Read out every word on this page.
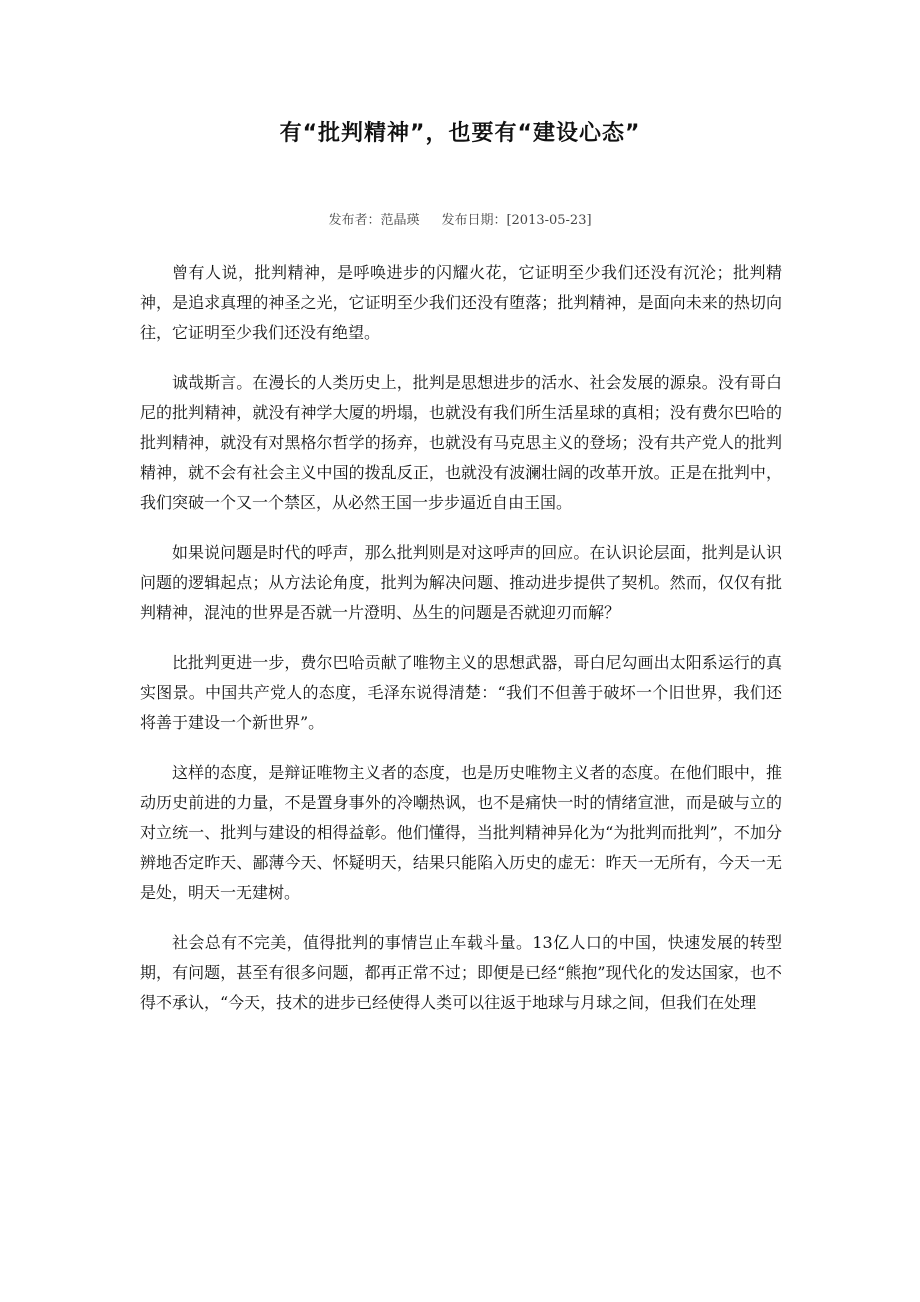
有“批判精神”，也要有“建设心态”
发布者：范晶瑛 发布日期：[2013-05-23]

曾有人说，批判精神，是呼唤进步的闪耀火花，它证明至少我们还没有沉沦；批判精神，是追求真理的神圣之光，它证明至少我们还没有堕落；批判精神，是面向未来的热切向往，它证明至少我们还没有绝望。

诚哉斯言。在漫长的人类历史上，批判是思想进步的活水、社会发展的源泉。没有哥白尼的批判精神，就没有神学大厦的坍塌，也就没有我们所生活星球的真相；没有费尔巴哈的批判精神，就没有对黑格尔哲学的扬弃，也就没有马克思主义的登场；没有共产党人的批判精神，就不会有社会主义中国的拨乱反正，也就没有波澜壮阔的改革开放。正是在批判中，我们突破一个又一个禁区，从必然王国一步步逼近自由王国。

如果说问题是时代的呼声，那么批判则是对这呼声的回应。在认识论层面，批判是认识问题的逻辑起点；从方法论角度，批判为解决问题、推动进步提供了契机。然而，仅仅有批判精神，混沌的世界是否就一片澄明、丛生的问题是否就迎刃而解？

比批判更进一步，费尔巴哈贡献了唯物主义的思想武器，哥白尼勾画出太阳系运行的真实图景。中国共产党人的态度，毛泽东说得清楚：“我们不但善于破坏一个旧世界，我们还将善于建设一个新世界”。

这样的态度，是辩证唯物主义者的态度，也是历史唯物主义者的态度。在他们眼中，推动历史前进的力量，不是置身事外的冷嘲热讽，也不是痛快一时的情绪宣泄，而是破与立的对立统一、批判与建设的相得益彰。他们懂得，当批判精神异化为“为批判而批判”，不加分辨地否定昨天、鄙薄今天、怀疑明天，结果只能陷入历史的虚无：昨天一无所有，今天一无是处，明天一无建树。

社会总有不完美，值得批判的事情岂止车载斗量。13亿人口的中国，快速发展的转型期，有问题，甚至有很多问题，都再正常不过；即便是已经“熊抱”现代化的发达国家，也不得不承认，“今天，技术的进步已经使得人类可以往返于地球与月球之间，但我们在处理
